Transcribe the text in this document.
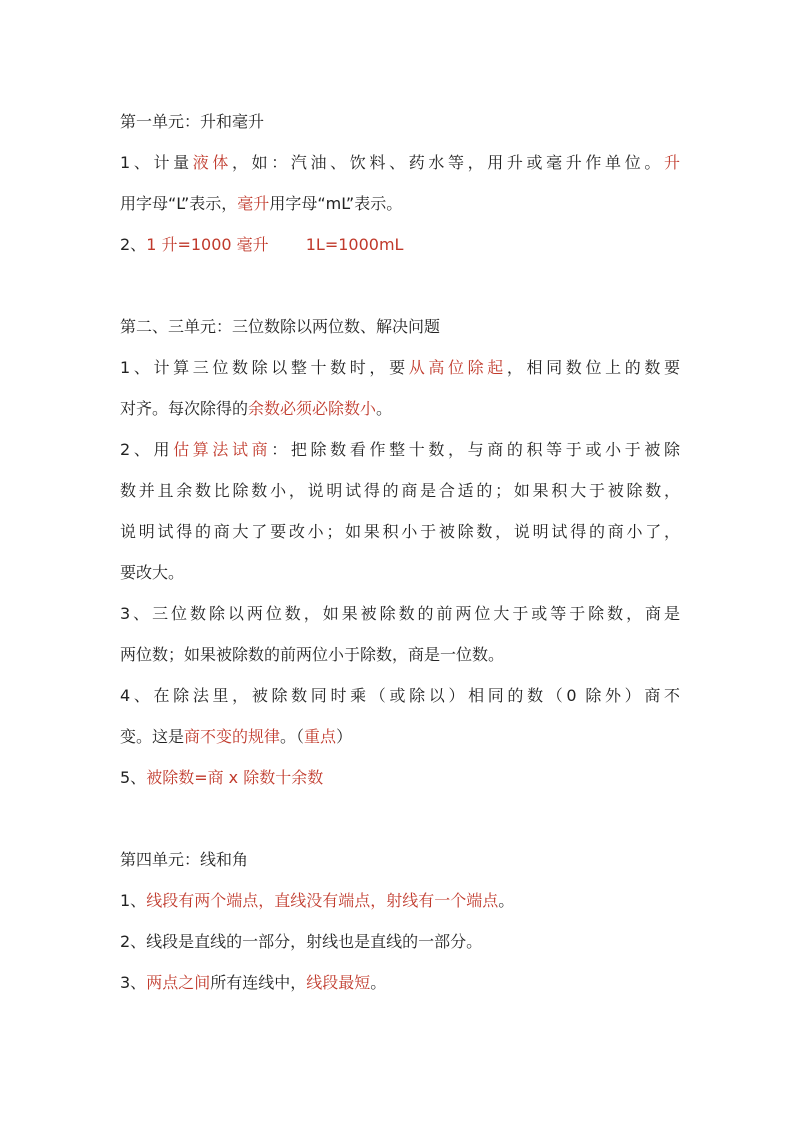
第一单元：升和毫升

1、计量液体，如：汽油、饮料、药水等，用升或毫升作单位。升

用字母“L”表示，毫升用字母“mL”表示。

2、1 升=1000 毫升 　　1L=1000mL

第二、三单元：三位数除以两位数、解决问题

1、计算三位数除以整十数时，要从高位除起，相同数位上的数要

对齐。每次除得的余数必须必除数小。

2、用估算法试商：把除数看作整十数，与商的积等于或小于被除

数并且余数比除数小，说明试得的商是合适的；如果积大于被除数，

说明试得的商大了要改小；如果积小于被除数，说明试得的商小了，

要改大。

3、三位数除以两位数，如果被除数的前两位大于或等于除数，商是

两位数；如果被除数的前两位小于除数，商是一位数。

4、在除法里，被除数同时乘（或除以）相同的数（0 除外）商不

变。这是商不变的规律。（重点）

5、被除数=商 x 除数十余数

第四单元：线和角

1、线段有两个端点，直线没有端点，射线有一个端点。

2、线段是直线的一部分，射线也是直线的一部分。

3、两点之间所有连线中，线段最短。
